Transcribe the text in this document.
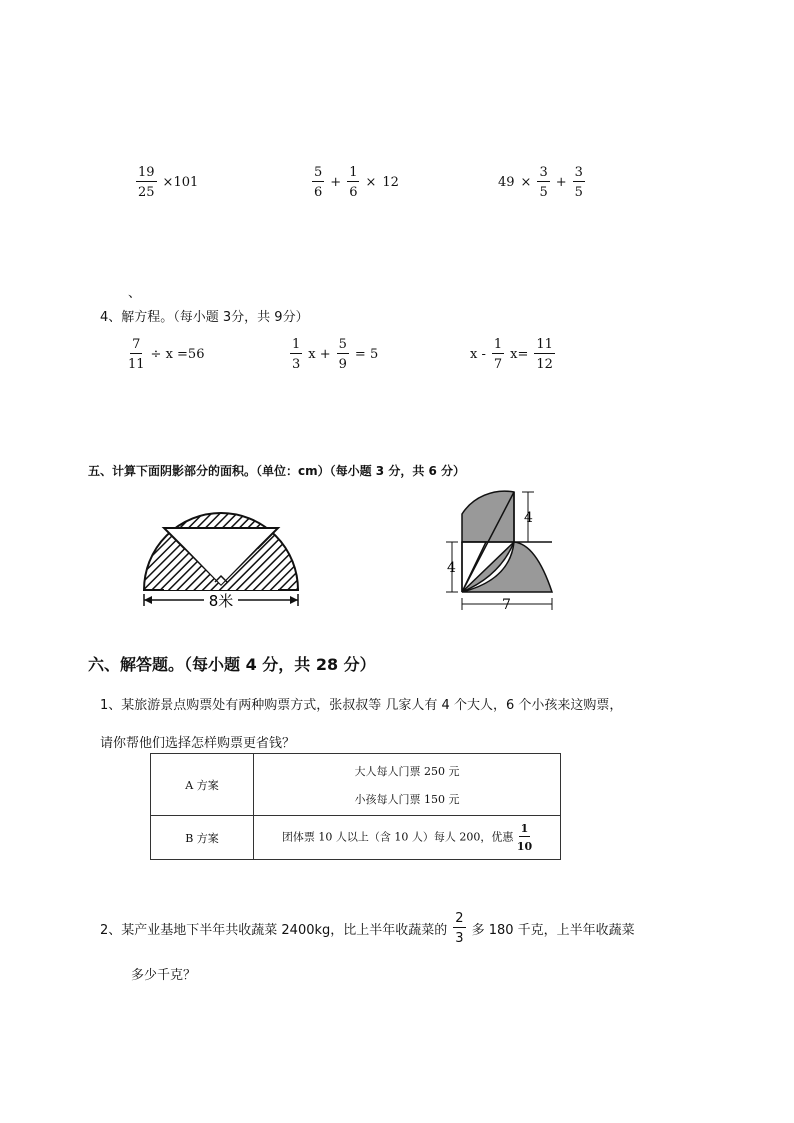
$\frac{19}{25} \times 101$	$\frac{5}{6} + \frac{1}{6} \times 12$	$49 \times \frac{3}{5} + \frac{3}{5}$
、
4、解方程。（每小题 3分，共 9分）
$\frac{7}{11} \div x =56$	$\frac{1}{3}$ $x + \frac{5}{9} = 5$	$x - \frac{1}{7} x= \frac{11}{12}$
五、计算下面阴影部分的面积。（单位：cm）（每小题 3 分，共 6 分）
8米
4
4
7
六、解答题。（每小题 4 分，共 28 分）
1、某旅游景点购票处有两种购票方式，张叔叔等 几家人有 4 个大人，6 个小孩来这购票，
请你帮他们选择怎样购票更省钱？
A 方案	大人每人门票 250 元
小孩每人门票 150 元

B 方案	团体票 10 人以上（含 10 人）每人 200，优惠 $\frac{1}{10}$
2、某产业基地下半年共收蔬菜 2400kg，比上半年收蔬菜的 $\frac{2}{3}$ 多 180 千克，上半年收蔬菜
多少千克？
